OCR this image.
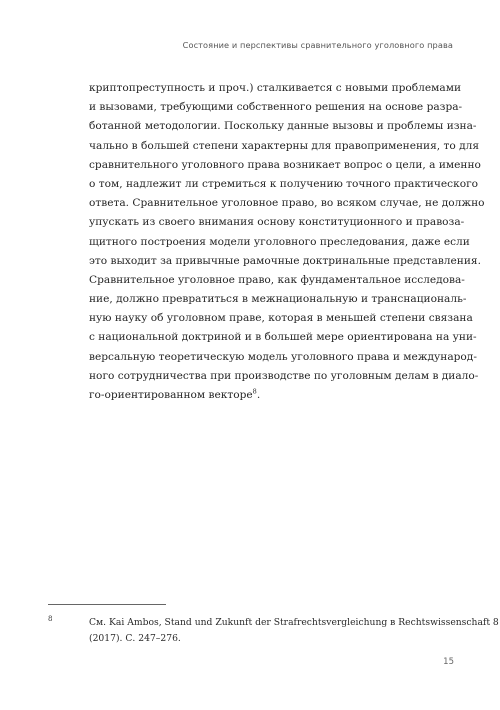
Состояние и перспективы сравнительного уголовного права
криптопреступность и проч.) сталкивается с новыми проблемами
и вызовами, требующими собственного решения на основе разра-
ботанной методологии. Поскольку данные вызовы и проблемы изна-
чально в большей степени характерны для правоприменения, то для
сравнительного уголовного права возникает вопрос о цели, а именно
о том, надлежит ли стремиться к получению точного практического
ответа. Сравнительное уголовное право, во всяком случае, не должно
упускать из своего внимания основу конституционного и правоза-
щитного построения модели уголовного преследования, даже если
это выходит за привычные рамочные доктринальные представления.
Сравнительное уголовное право, как фундаментальное исследова-
ние, должно превратиться в межнациональную и транснациональ-
ную науку об уголовном праве, которая в меньшей степени связана
с национальной доктриной и в большей мере ориентирована на уни-
версальную теоретическую модель уголовного права и международ-
ного сотрудничества при производстве по уголовным делам в диало-
го-ориентированном векторе$^8$.
8	См. Kai Ambos, Stand und Zukunft der Strafrechtsvergleichung в Rechtswissenschaft 8
(2017). С. 247–276.
15
